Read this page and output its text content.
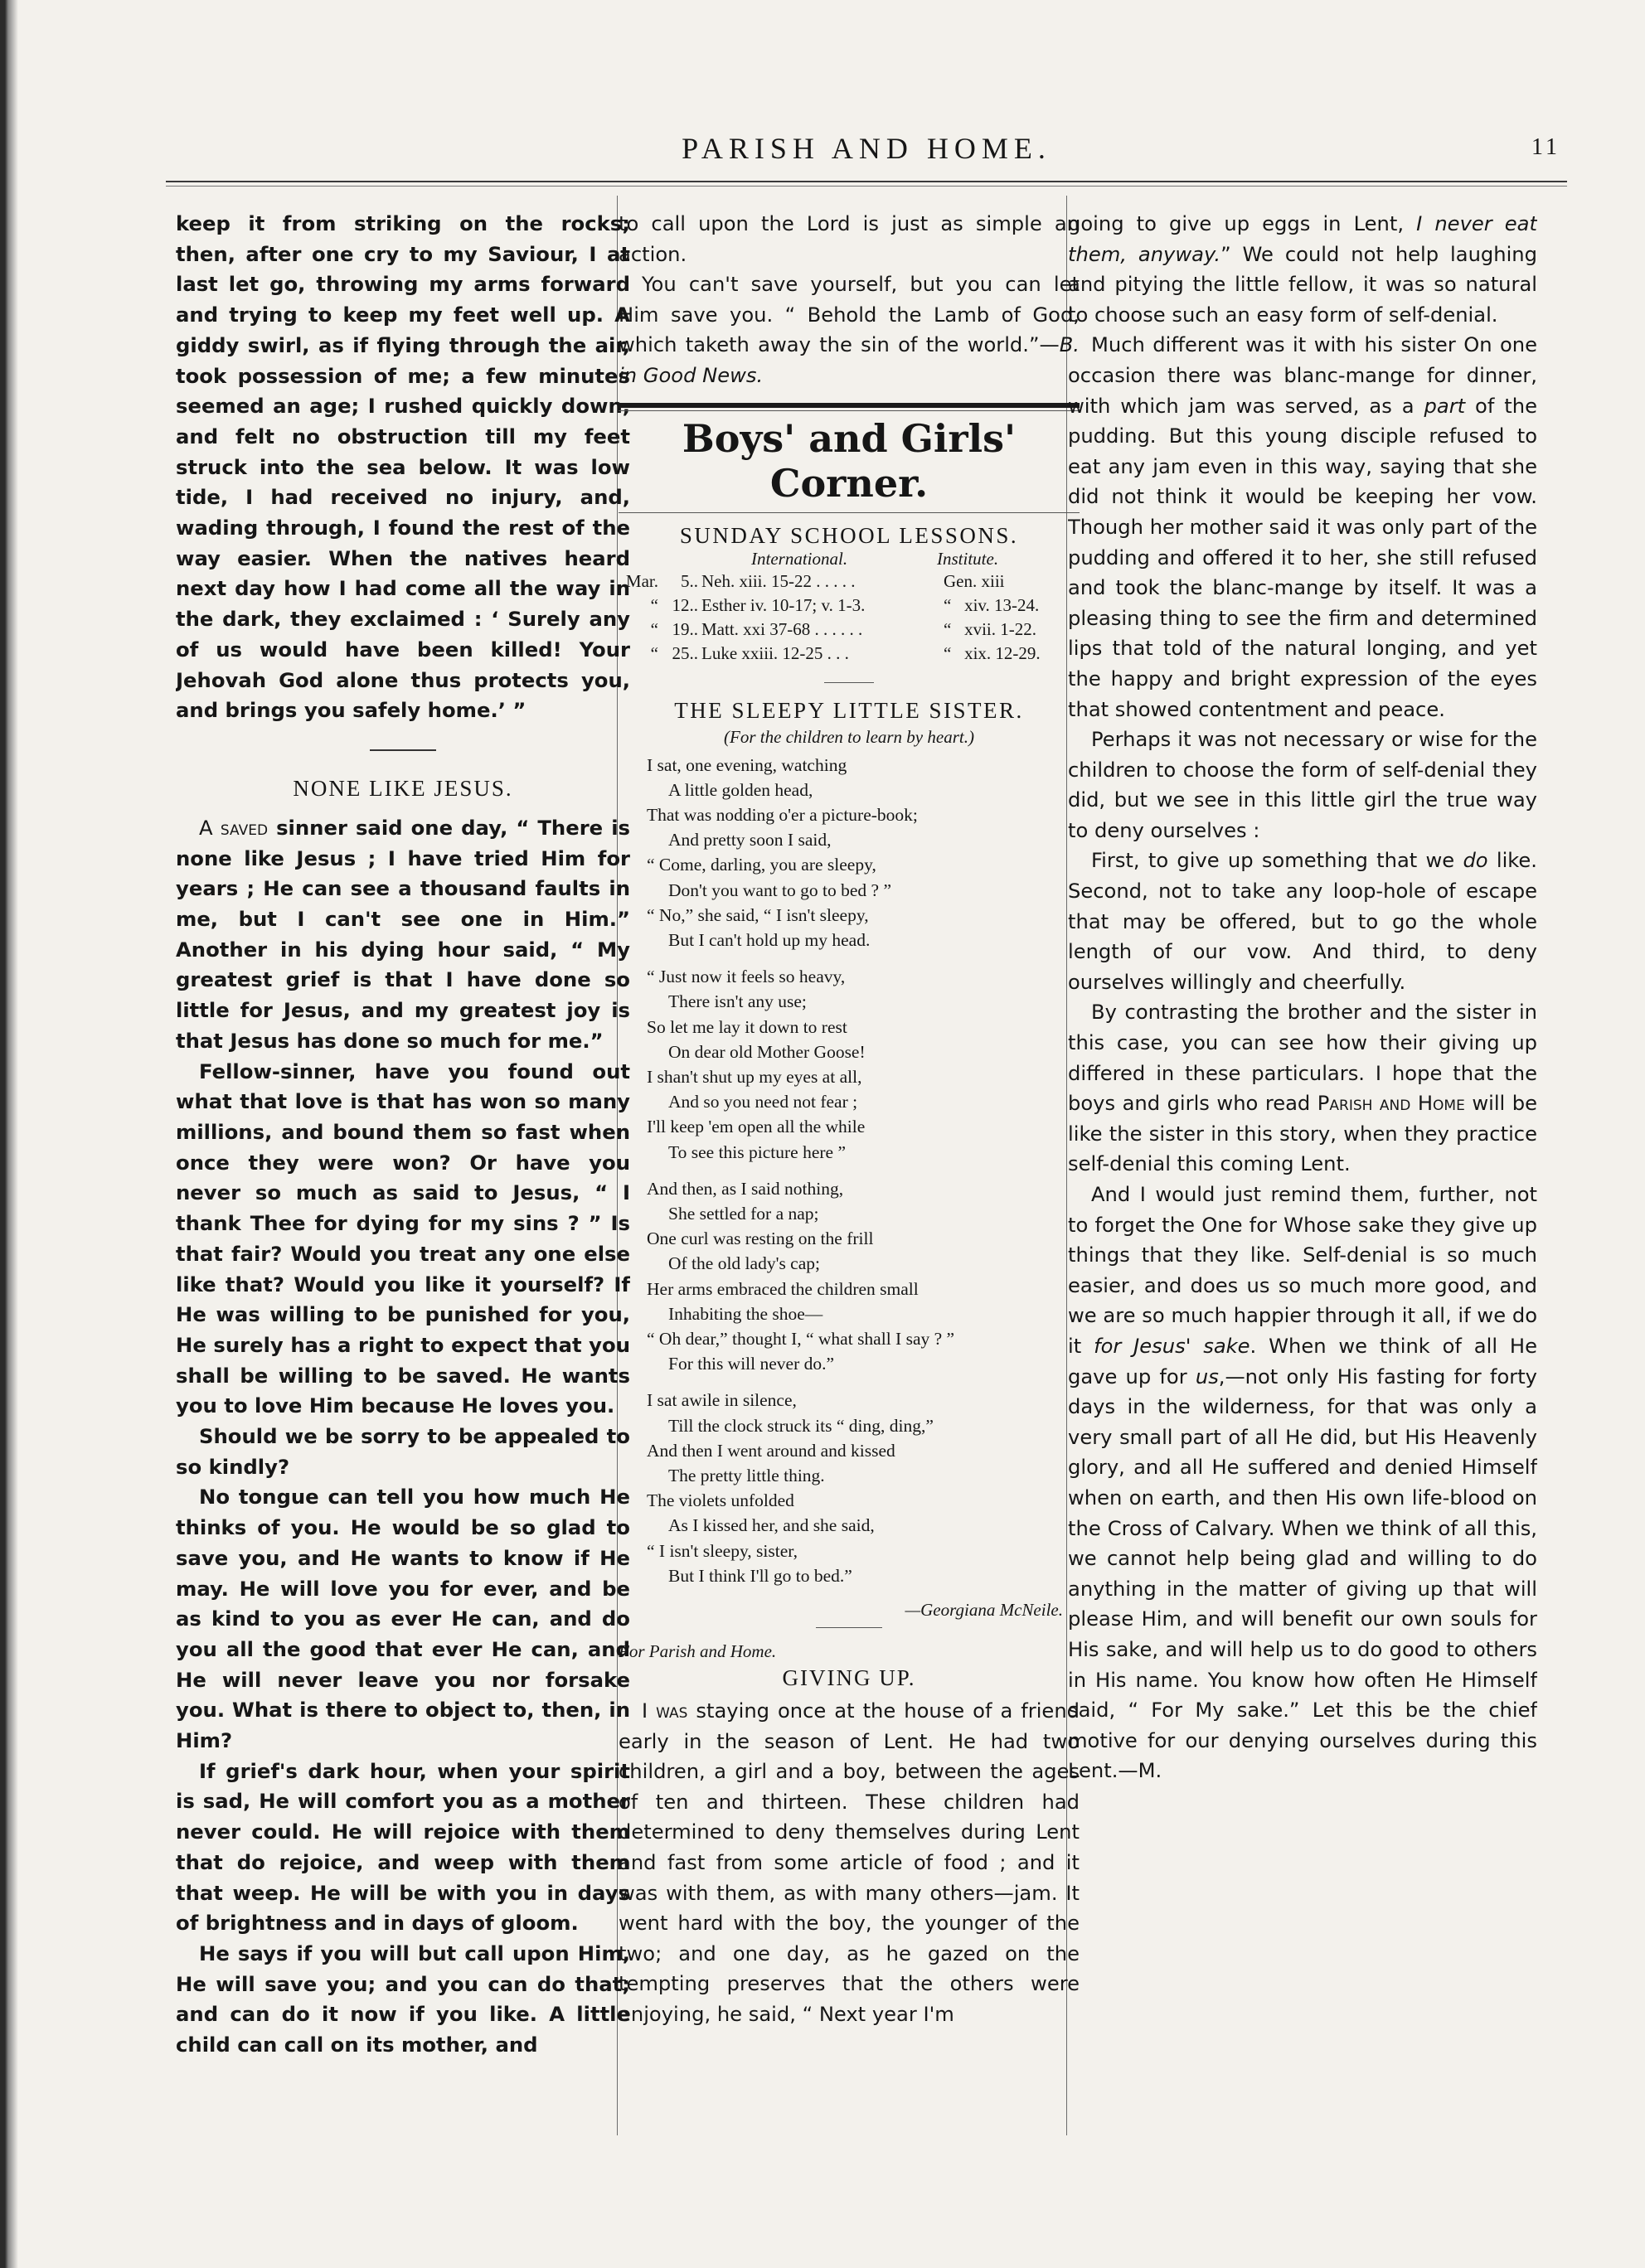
PARISH AND HOME.	11

keep it from striking on the rocks; then, after one cry to my Saviour, I at last let go, throwing my arms forward and trying to keep my feet well up. A giddy swirl, as if flying through the air, took possession of me; a few minutes seemed an age; I rushed quickly down, and felt no obstruction till my feet struck into the sea below. It was low tide, I had received no injury, and, wading through, I found the rest of the way easier. When the natives heard next day how I had come all the way in the dark, they exclaimed : ‘ Surely any of us would have been killed! Your Jehovah God alone thus protects you, and brings you safely home.’ ”

NONE LIKE JESUS.

A saved sinner said one day, “ There is none like Jesus ; I have tried Him for years ; He can see a thousand faults in me, but I can't see one in Him.” Another in his dying hour said, “ My greatest grief is that I have done so little for Jesus, and my greatest joy is that Jesus has done so much for me.”

Fellow-sinner, have you found out what that love is that has won so many millions, and bound them so fast when once they were won? Or have you never so much as said to Jesus, “ I thank Thee for dying for my sins ? ” Is that fair? Would you treat any one else like that? Would you like it yourself? If He was willing to be punished for you, He surely has a right to expect that you shall be willing to be saved. He wants you to love Him because He loves you.

Should we be sorry to be appealed to so kindly?

No tongue can tell you how much He thinks of you. He would be so glad to save you, and He wants to know if He may. He will love you for ever, and be as kind to you as ever He can, and do you all the good that ever He can, and He will never leave you nor forsake you. What is there to object to, then, in Him?

If grief's dark hour, when your spirit is sad, He will comfort you as a mother never could. He will rejoice with them that do rejoice, and weep with them that weep. He will be with you in days of brightness and in days of gloom.

He says if you will but call upon Him, He will save you; and you can do that; and can do it now if you like. A little child can call on its mother, and

to call upon the Lord is just as simple an action.

You can't save yourself, but you can let Him save you. “ Behold the Lamb of God, which taketh away the sin of the world.”—B. in Good News.

Boys' and Girls' Corner.

SUNDAY SCHOOL LESSONS.

International.	Institute.
Mar.	5.. Neh. xiii. 15-22 . . . . .	Gen. xiii
“ 12.. Esther iv. 10-17; v. 1-3.	“   xiv. 13-24.
“ 19.. Matt. xxi 37-68 . . . . . .	“   xvii. 1-22.
“ 25.. Luke xxiii. 12-25 . . .	“   xix. 12-29.

THE SLEEPY LITTLE SISTER.

(For the children to learn by heart.)

I sat, one evening, watching

A little golden head,

That was nodding o'er a picture-book;

And pretty soon I said,

“ Come, darling, you are sleepy,

Don't you want to go to bed ? ”

“ No,” she said, “ I isn't sleepy,

But I can't hold up my head.

“ Just now it feels so heavy,

There isn't any use;

So let me lay it down to rest

On dear old Mother Goose!

I shan't shut up my eyes at all,

And so you need not fear ;

I'll keep 'em open all the while

To see this picture here ”

And then, as I said nothing,

She settled for a nap;

One curl was resting on the frill

Of the old lady's cap;

Her arms embraced the children small

Inhabiting the shoe—

“ Oh dear,” thought I, “ what shall I say ? ”

For this will never do.”

I sat awile in silence,

Till the clock struck its “ ding, ding,”

And then I went around and kissed

The pretty little thing.

The violets unfolded

As I kissed her, and she said,

“ I isn't sleepy, sister,

But I think I'll go to bed.”

—Georgiana McNeile.

For Parish and Home.

GIVING UP.

I was staying once at the house of a friend early in the season of Lent. He had two children, a girl and a boy, between the ages of ten and thirteen. These children had determined to deny themselves during Lent and fast from some article of food ; and it was with them, as with many others—jam. It went hard with the boy, the younger of the two; and one day, as he gazed on the tempting preserves that the others were enjoying, he said, “ Next year I'm

going to give up eggs in Lent, I never eat them, anyway.” We could not help laughing and pitying the little fellow, it was so natural to choose such an easy form of self-denial.

Much different was it with his sister On one occasion there was blanc-mange for dinner, with which jam was served, as a part of the pudding. But this young disciple refused to eat any jam even in this way, saying that she did not think it would be keeping her vow. Though her mother said it was only part of the pudding and offered it to her, she still refused and took the blanc-mange by itself. It was a pleasing thing to see the firm and determined lips that told of the natural longing, and yet the happy and bright expression of the eyes that showed contentment and peace.

Perhaps it was not necessary or wise for the children to choose the form of self-denial they did, but we see in this little girl the true way to deny ourselves :

First, to give up something that we do like. Second, not to take any loop-hole of escape that may be offered, but to go the whole length of our vow. And third, to deny ourselves willingly and cheerfully.

By contrasting the brother and the sister in this case, you can see how their giving up differed in these particulars. I hope that the boys and girls who read Parish and Home will be like the sister in this story, when they practice self-denial this coming Lent.

And I would just remind them, further, not to forget the One for Whose sake they give up things that they like. Self-denial is so much easier, and does us so much more good, and we are so much happier through it all, if we do it for Jesus' sake. When we think of all He gave up for us,—not only His fasting for forty days in the wilderness, for that was only a very small part of all He did, but His Heavenly glory, and all He suffered and denied Himself when on earth, and then His own life-blood on the Cross of Calvary. When we think of all this, we cannot help being glad and willing to do anything in the matter of giving up that will please Him, and will benefit our own souls for His sake, and will help us to do good to others in His name. You know how often He Himself said, “ For My sake.” Let this be the chief motive for our denying ourselves during this Lent.—M.
